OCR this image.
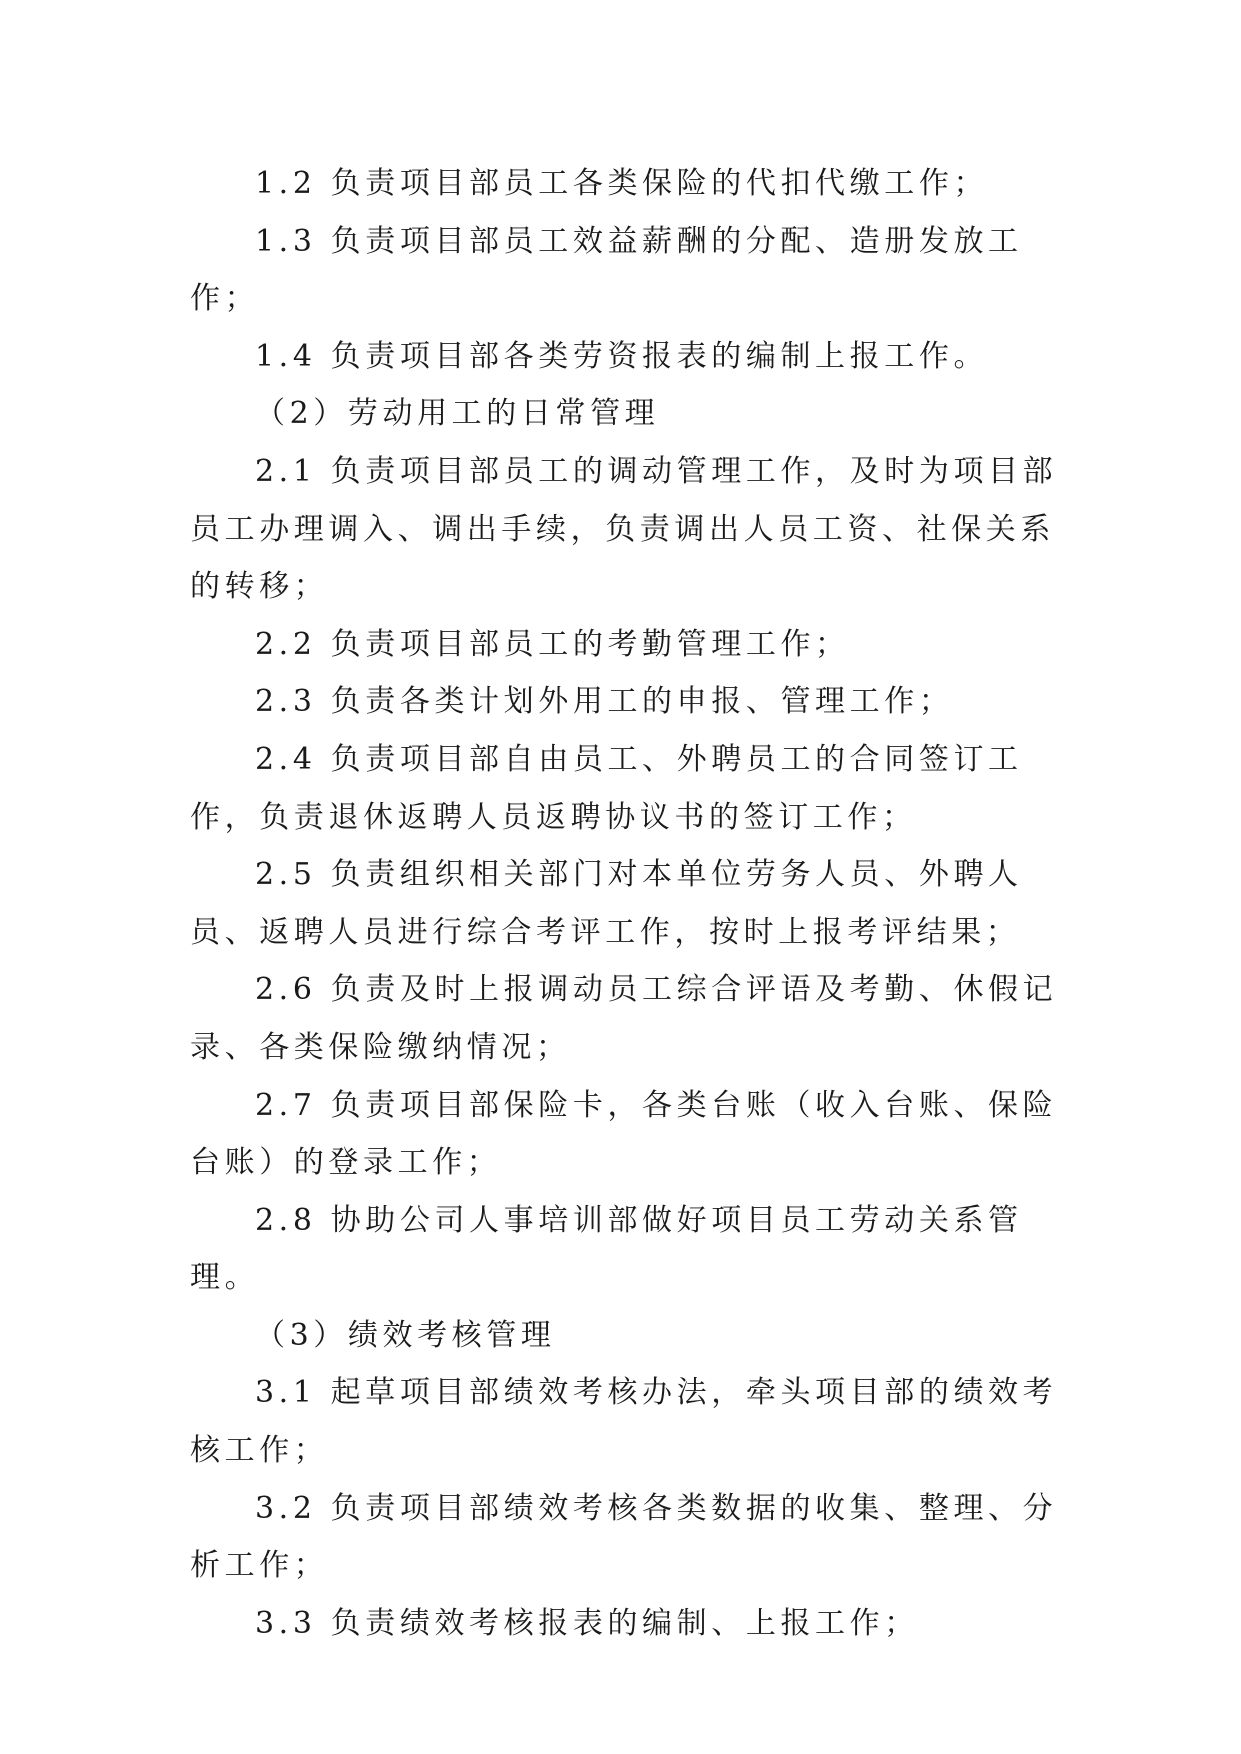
1.2 负责项目部员工各类保险的代扣代缴工作；

1.3 负责项目部员工效益薪酬的分配、造册发放工作；

1.4 负责项目部各类劳资报表的编制上报工作。

（2）劳动用工的日常管理

2.1 负责项目部员工的调动管理工作，及时为项目部员工办理调入、调出手续，负责调出人员工资、社保关系的转移；

2.2 负责项目部员工的考勤管理工作；

2.3 负责各类计划外用工的申报、管理工作；

2.4 负责项目部自由员工、外聘员工的合同签订工作，负责退休返聘人员返聘协议书的签订工作；

2.5 负责组织相关部门对本单位劳务人员、外聘人员、返聘人员进行综合考评工作，按时上报考评结果；

2.6 负责及时上报调动员工综合评语及考勤、休假记录、各类保险缴纳情况；

2.7 负责项目部保险卡，各类台账（收入台账、保险台账）的登录工作；

2.8 协助公司人事培训部做好项目员工劳动关系管理。

（3）绩效考核管理

3.1 起草项目部绩效考核办法，牵头项目部的绩效考核工作；

3.2 负责项目部绩效考核各类数据的收集、整理、分析工作；

3.3 负责绩效考核报表的编制、上报工作；
